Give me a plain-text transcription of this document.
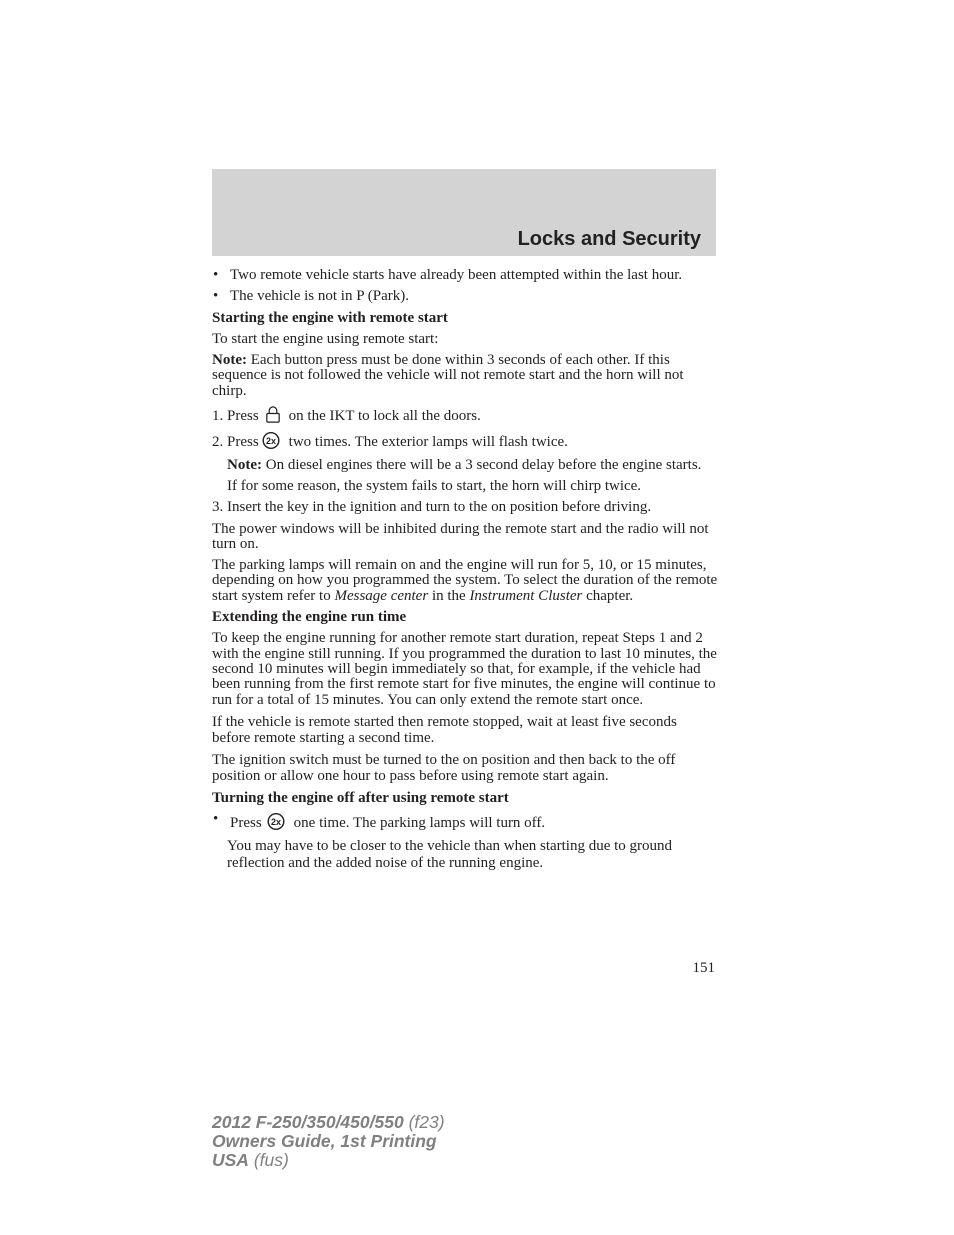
Locks and Security
• Two remote vehicle starts have already been attempted within the last hour.
• The vehicle is not in P (Park).
Starting the engine with remote start
To start the engine using remote start:
Note: Each button press must be done within 3 seconds of each other. If this sequence is not followed the vehicle will not remote start and the horn will not chirp.
1. Press on the IKT to lock all the doors.
2. Press 2x two times. The exterior lamps will flash twice.
Note: On diesel engines there will be a 3 second delay before the engine starts.
If for some reason, the system fails to start, the horn will chirp twice.
3. Insert the key in the ignition and turn to the on position before driving.
The power windows will be inhibited during the remote start and the radio will not turn on.
The parking lamps will remain on and the engine will run for 5, 10, or 15 minutes, depending on how you programmed the system. To select the duration of the remote start system refer to Message center in the Instrument Cluster chapter.
Extending the engine run time
To keep the engine running for another remote start duration, repeat Steps 1 and 2 with the engine still running. If you programmed the duration to last 10 minutes, the second 10 minutes will begin immediately so that, for example, if the vehicle had been running from the first remote start for five minutes, the engine will continue to run for a total of 15 minutes. You can only extend the remote start once.
If the vehicle is remote started then remote stopped, wait at least five seconds before remote starting a second time.
The ignition switch must be turned to the on position and then back to the off position or allow one hour to pass before using remote start again.
Turning the engine off after using remote start
• Press 2x one time. The parking lamps will turn off.
You may have to be closer to the vehicle than when starting due to ground reflection and the added noise of the running engine.
151
2012 F-250/350/450/550 (f23)
Owners Guide, 1st Printing
USA (fus)
